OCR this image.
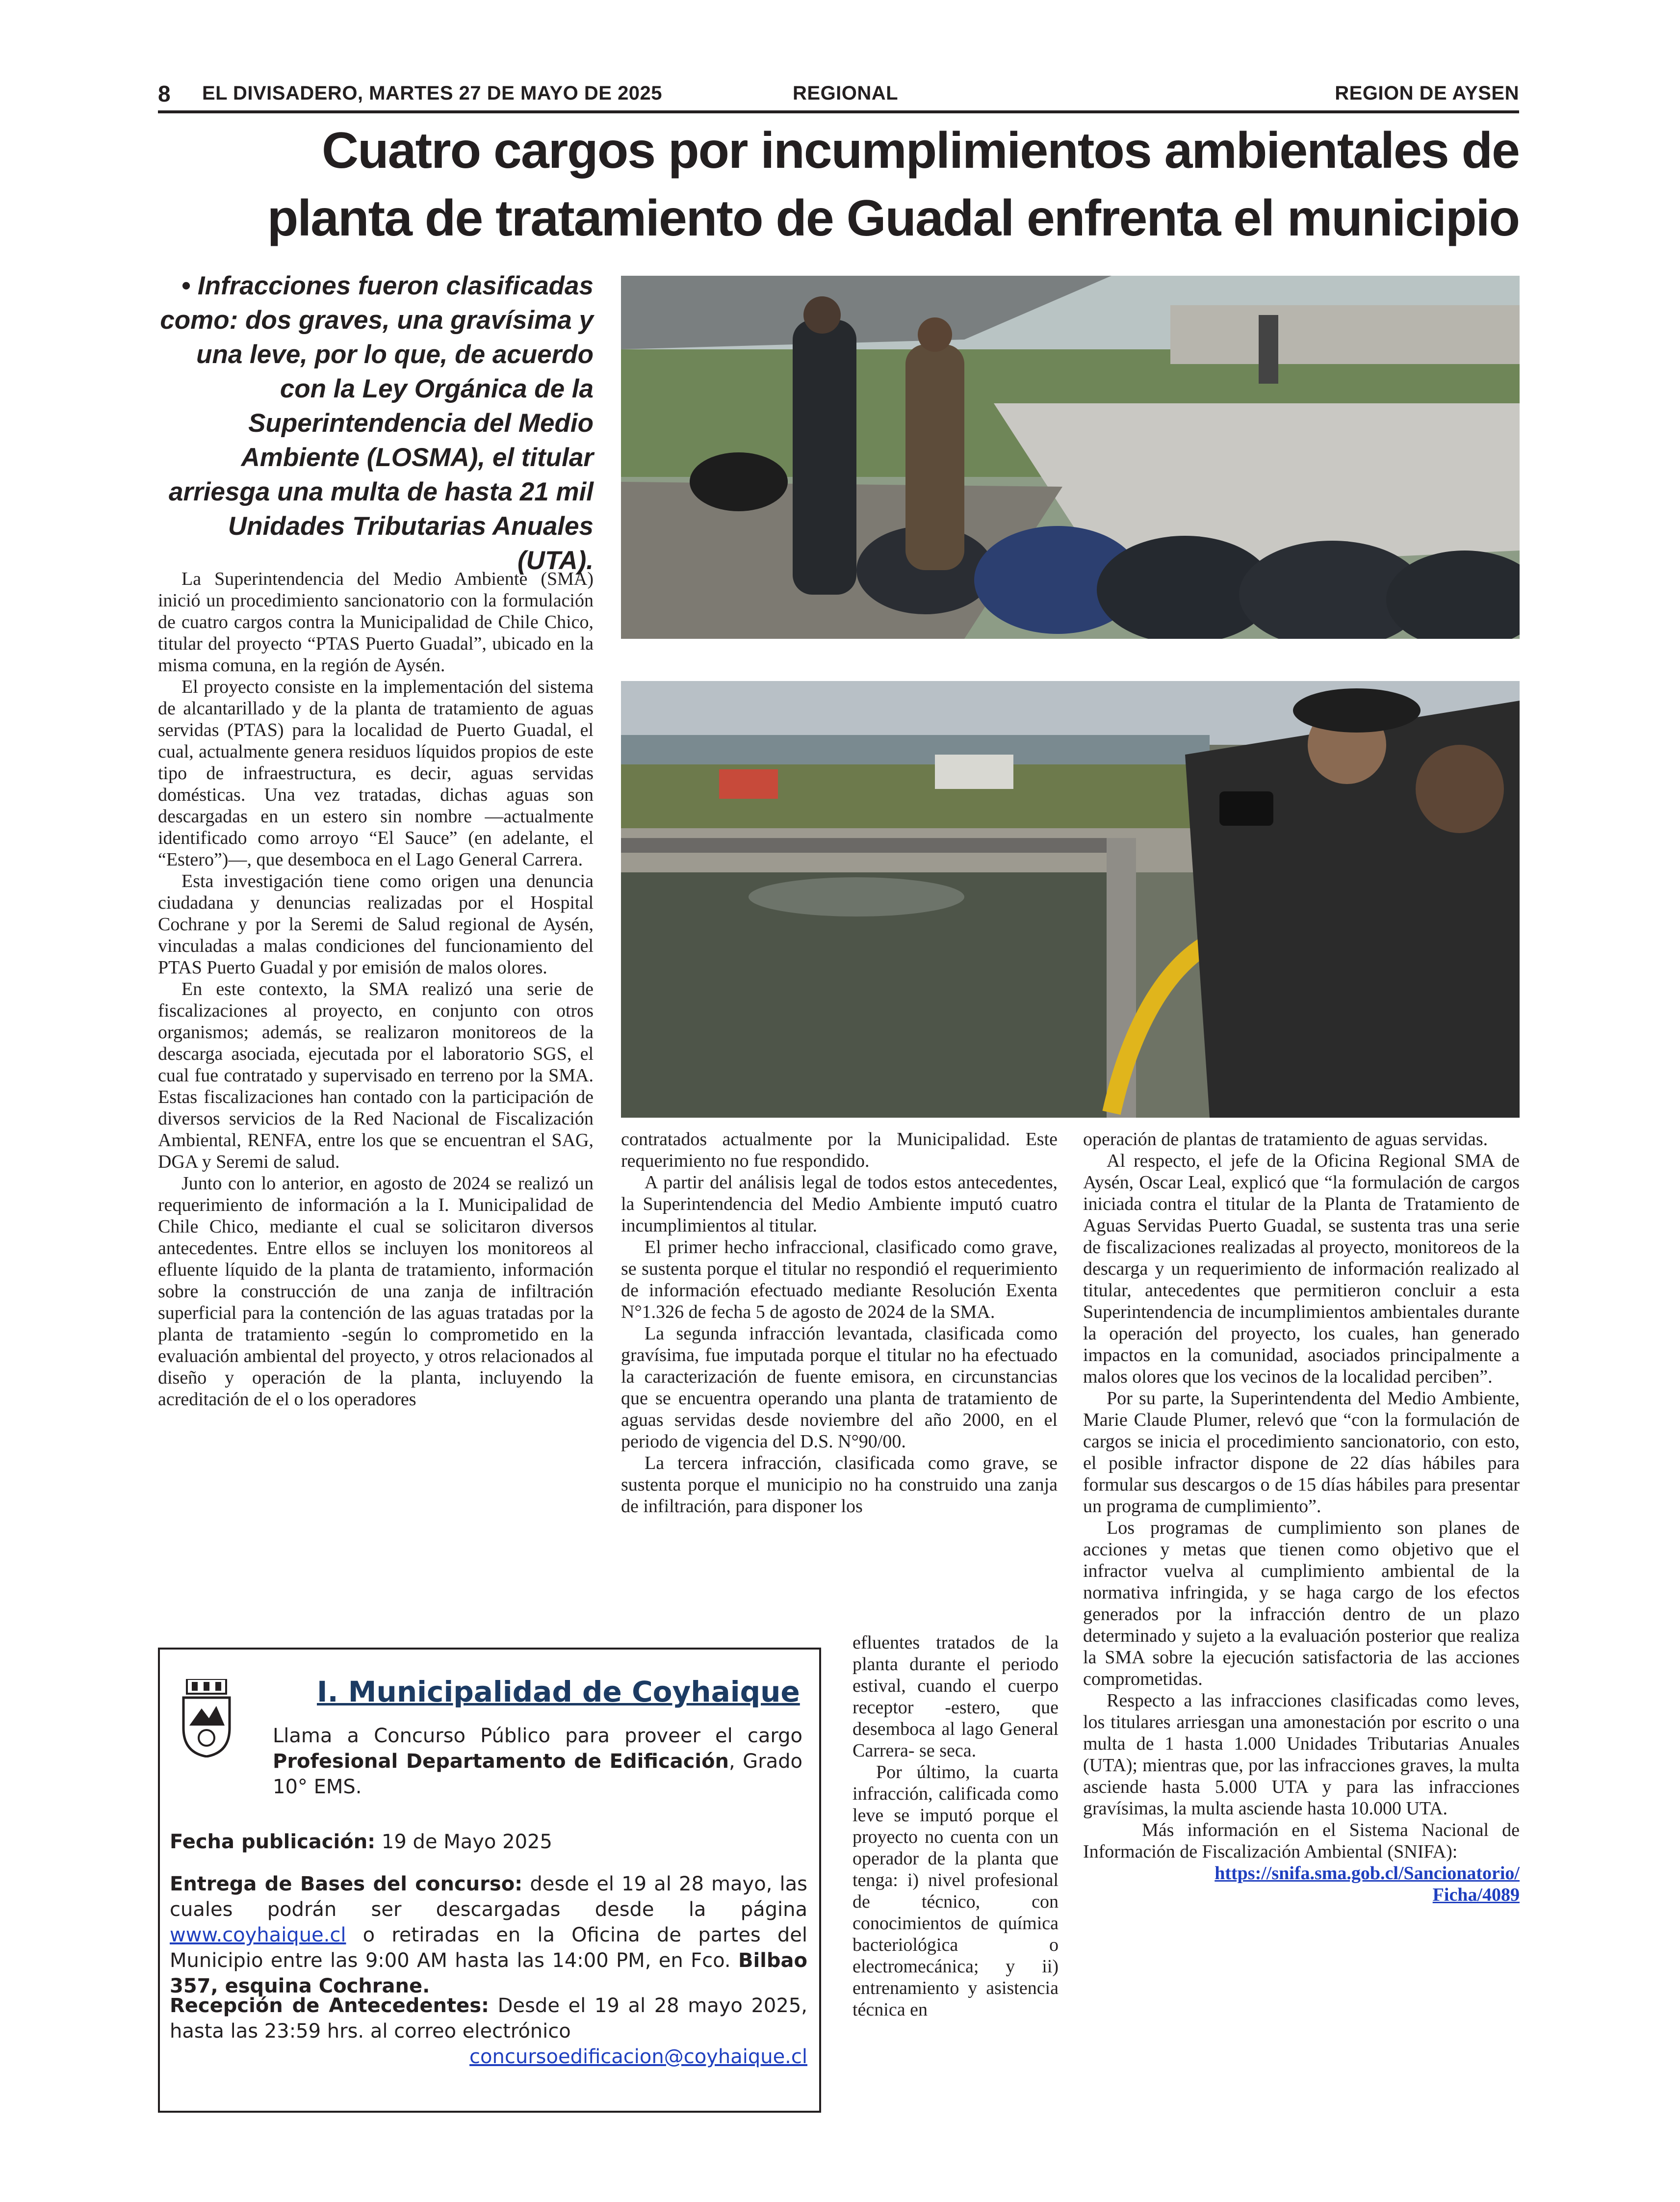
8 EL DIVISADERO, MARTES 27 DE MAYO DE 2025	REGIONAL	REGION DE AYSEN
Cuatro cargos por incumplimientos ambientales de
planta de tratamiento de Guadal enfrenta el municipio
• Infracciones fueron clasificadas como: dos graves, una gravísima y una leve, por lo que, de acuerdo con la Ley Orgánica de la Superintendencia del Medio Ambiente (LOSMA), el titular arriesga una multa de hasta 21 mil Unidades Tributarias Anuales (UTA).

La Superintendencia del Medio Ambiente (SMA) inició un procedimiento sancionatorio con la formulación de cuatro cargos contra la Municipalidad de Chile Chico, titular del proyecto “PTAS Puerto Guadal”, ubicado en la misma comuna, en la región de Aysén.

El proyecto consiste en la implementación del sistema de alcantarillado y de la planta de tratamiento de aguas servidas (PTAS) para la localidad de Puerto Guadal, el cual, actualmente genera residuos líquidos propios de este tipo de infraestructura, es decir, aguas servidas domésticas. Una vez tratadas, dichas aguas son descargadas en un estero sin nombre —actualmente identificado como arroyo “El Sauce” (en adelante, el “Estero”)—, que desemboca en el Lago General Carrera.

Esta investigación tiene como origen una denuncia ciudadana y denuncias realizadas por el Hospital Cochrane y por la Seremi de Salud regional de Aysén, vinculadas a malas condiciones del funcionamiento del PTAS Puerto Guadal y por emisión de malos olores.

En este contexto, la SMA realizó una serie de fiscalizaciones al proyecto, en conjunto con otros organismos; además, se realizaron monitoreos de la descarga asociada, ejecutada por el laboratorio SGS, el cual fue contratado y supervisado en terreno por la SMA. Estas fiscalizaciones han contado con la participación de diversos servicios de la Red Nacional de Fiscalización Ambiental, RENFA, entre los que se encuentran el SAG, DGA y Seremi de salud.

Junto con lo anterior, en agosto de 2024 se realizó un requerimiento de información a la I. Municipalidad de Chile Chico, mediante el cual se solicitaron diversos antecedentes. Entre ellos se incluyen los monitoreos al efluente líquido de la planta de tratamiento, información sobre la construcción de una zanja de infiltración superficial para la contención de las aguas tratadas por la planta de tratamiento -según lo comprometido en la evaluación ambiental del proyecto, y otros relacionados al diseño y operación de la planta, incluyendo la acreditación de el o los operadores

contratados actualmente por la Municipalidad. Este requerimiento no fue respondido.

A partir del análisis legal de todos estos antecedentes, la Superintendencia del Medio Ambiente imputó cuatro incumplimientos al titular.

El primer hecho infraccional, clasificado como grave, se sustenta porque el titular no respondió el requerimiento de información efectuado mediante Resolución Exenta N°1.326 de fecha 5 de agosto de 2024 de la SMA.

La segunda infracción levantada, clasificada como gravísima, fue imputada porque el titular no ha efectuado la caracterización de fuente emisora, en circunstancias que se encuentra operando una planta de tratamiento de aguas servidas desde noviembre del año 2000, en el periodo de vigencia del D.S. N°90/00.

La tercera infracción, clasificada como grave, se sustenta porque el municipio no ha construido una zanja de infiltración, para disponer los

efluentes tratados de la planta durante el periodo estival, cuando el cuerpo receptor -estero, que desemboca al lago General Carrera- se seca.

Por último, la cuarta infracción, calificada como leve se imputó porque el proyecto no cuenta con un operador de la planta que tenga: i) nivel profesional de técnico, con conocimientos de química bacteriológica o electromecánica; y ii) entrenamiento y asistencia técnica en

operación de plantas de tratamiento de aguas servidas.

Al respecto, el jefe de la Oficina Regional SMA de Aysén, Oscar Leal, explicó que “la formulación de cargos iniciada contra el titular de la Planta de Tratamiento de Aguas Servidas Puerto Guadal, se sustenta tras una serie de fiscalizaciones realizadas al proyecto, monitoreos de la descarga y un requerimiento de información realizado al titular, antecedentes que permitieron concluir a esta Superintendencia de incumplimientos ambientales durante la operación del proyecto, los cuales, han generado impactos en la comunidad, asociados principalmente a malos olores que los vecinos de la localidad perciben”.

Por su parte, la Superintendenta del Medio Ambiente, Marie Claude Plumer, relevó que “con la formulación de cargos se inicia el procedimiento sancionatorio, con esto, el posible infractor dispone de 22 días hábiles para formular sus descargos o de 15 días hábiles para presentar un programa de cumplimiento”.

Los programas de cumplimiento son planes de acciones y metas que tienen como objetivo que el infractor vuelva al cumplimiento ambiental de la normativa infringida, y se haga cargo de los efectos generados por la infracción dentro de un plazo determinado y sujeto a la evaluación posterior que realiza la SMA sobre la ejecución satisfactoria de las acciones comprometidas.

Respecto a las infracciones clasificadas como leves, los titulares arriesgan una amonestación por escrito o una multa de 1 hasta 1.000 Unidades Tributarias Anuales (UTA); mientras que, por las infracciones graves, la multa asciende hasta 5.000 UTA y para las infracciones gravísimas, la multa asciende hasta 10.000 UTA.

Más información en el Sistema Nacional de Información de Fiscalización Ambiental (SNIFA):

https://snifa.sma.gob.cl/Sancionatorio/
Ficha/4089
I. Municipalidad de Coyhaique
Llama a Concurso Público para proveer el cargo Profesional Departamento de Edificación, Grado 10° EMS.
Fecha publicación: 19 de Mayo 2025
Entrega de Bases del concurso: desde el 19 al 28 mayo, las cuales podrán ser descargadas desde la página www.coyhaique.cl o retiradas en la Oficina de partes del Municipio entre las 9:00 AM hasta las 14:00 PM, en Fco. Bilbao 357, esquina Cochrane.
Recepción de Antecedentes: Desde el 19 al 28 mayo 2025, hasta las 23:59 hrs. al correo electrónico
concursoedificacion@coyhaique.cl
